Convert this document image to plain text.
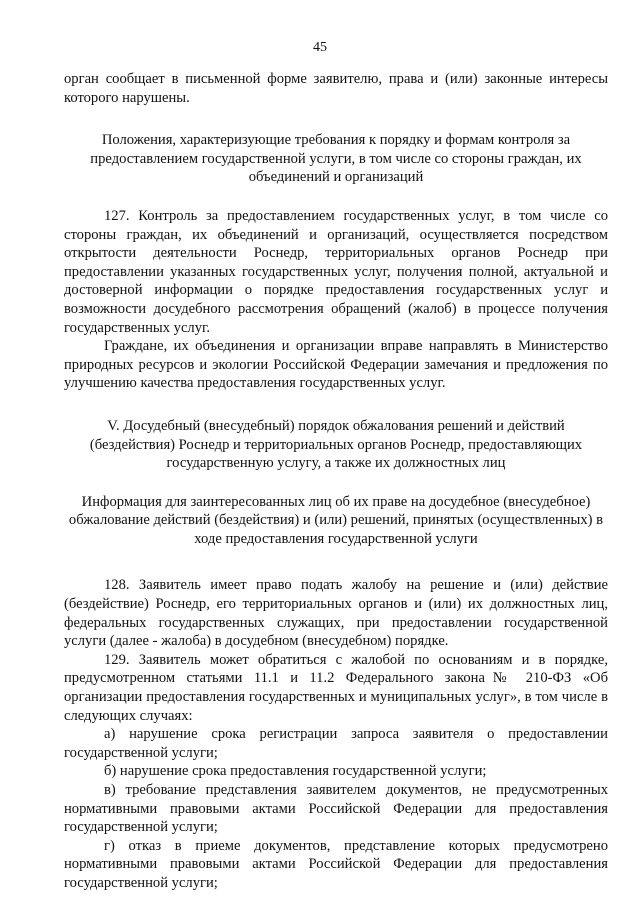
45

орган сообщает в письменной форме заявителю, права и (или) законные интересы которого нарушены.

Положения, характеризующие требования к порядку и формам контроля за предоставлением государственной услуги, в том числе со стороны граждан, их объединений и организаций

127. Контроль за предоставлением государственных услуг, в том числе со стороны граждан, их объединений и организаций, осуществляется посредством открытости деятельности Роснедр, территориальных органов Роснедр при предоставлении указанных государственных услуг, получения полной, актуальной и достоверной информации о порядке предоставления государственных услуг и возможности досудебного рассмотрения обращений (жалоб) в процессе получения государственных услуг.

Граждане, их объединения и организации вправе направлять в Министерство природных ресурсов и экологии Российской Федерации замечания и предложения по улучшению качества предоставления государственных услуг.

V. Досудебный (внесудебный) порядок обжалования решений и действий (бездействия) Роснедр и территориальных органов Роснедр, предоставляющих государственную услугу, а также их должностных лиц

Информация для заинтересованных лиц об их праве на досудебное (внесудебное) обжалование действий (бездействия) и (или) решений, принятых (осуществленных) в ходе предоставления государственной услуги

128. Заявитель имеет право подать жалобу на решение и (или) действие (бездействие) Роснедр, его территориальных органов и (или) их должностных лиц, федеральных государственных служащих, при предоставлении государственной услуги (далее - жалоба) в досудебном (внесудебном) порядке.

129. Заявитель может обратиться с жалобой по основаниям и в порядке, предусмотренном статьями 11.1 и 11.2 Федерального закона№ 210-ФЗ «Об организации предоставления государственных и муниципальных услуг», в том числе в следующих случаях:

а) нарушение срока регистрации запроса заявителя о предоставлении государственной услуги;

б) нарушение срока предоставления государственной услуги;

в) требование представления заявителем документов, не предусмотренных нормативными правовыми актами Российской Федерации для предоставления государственной услуги;

г) отказ в приеме документов, представление которых предусмотрено нормативными правовыми актами Российской Федерации для предоставления государственной услуги;
